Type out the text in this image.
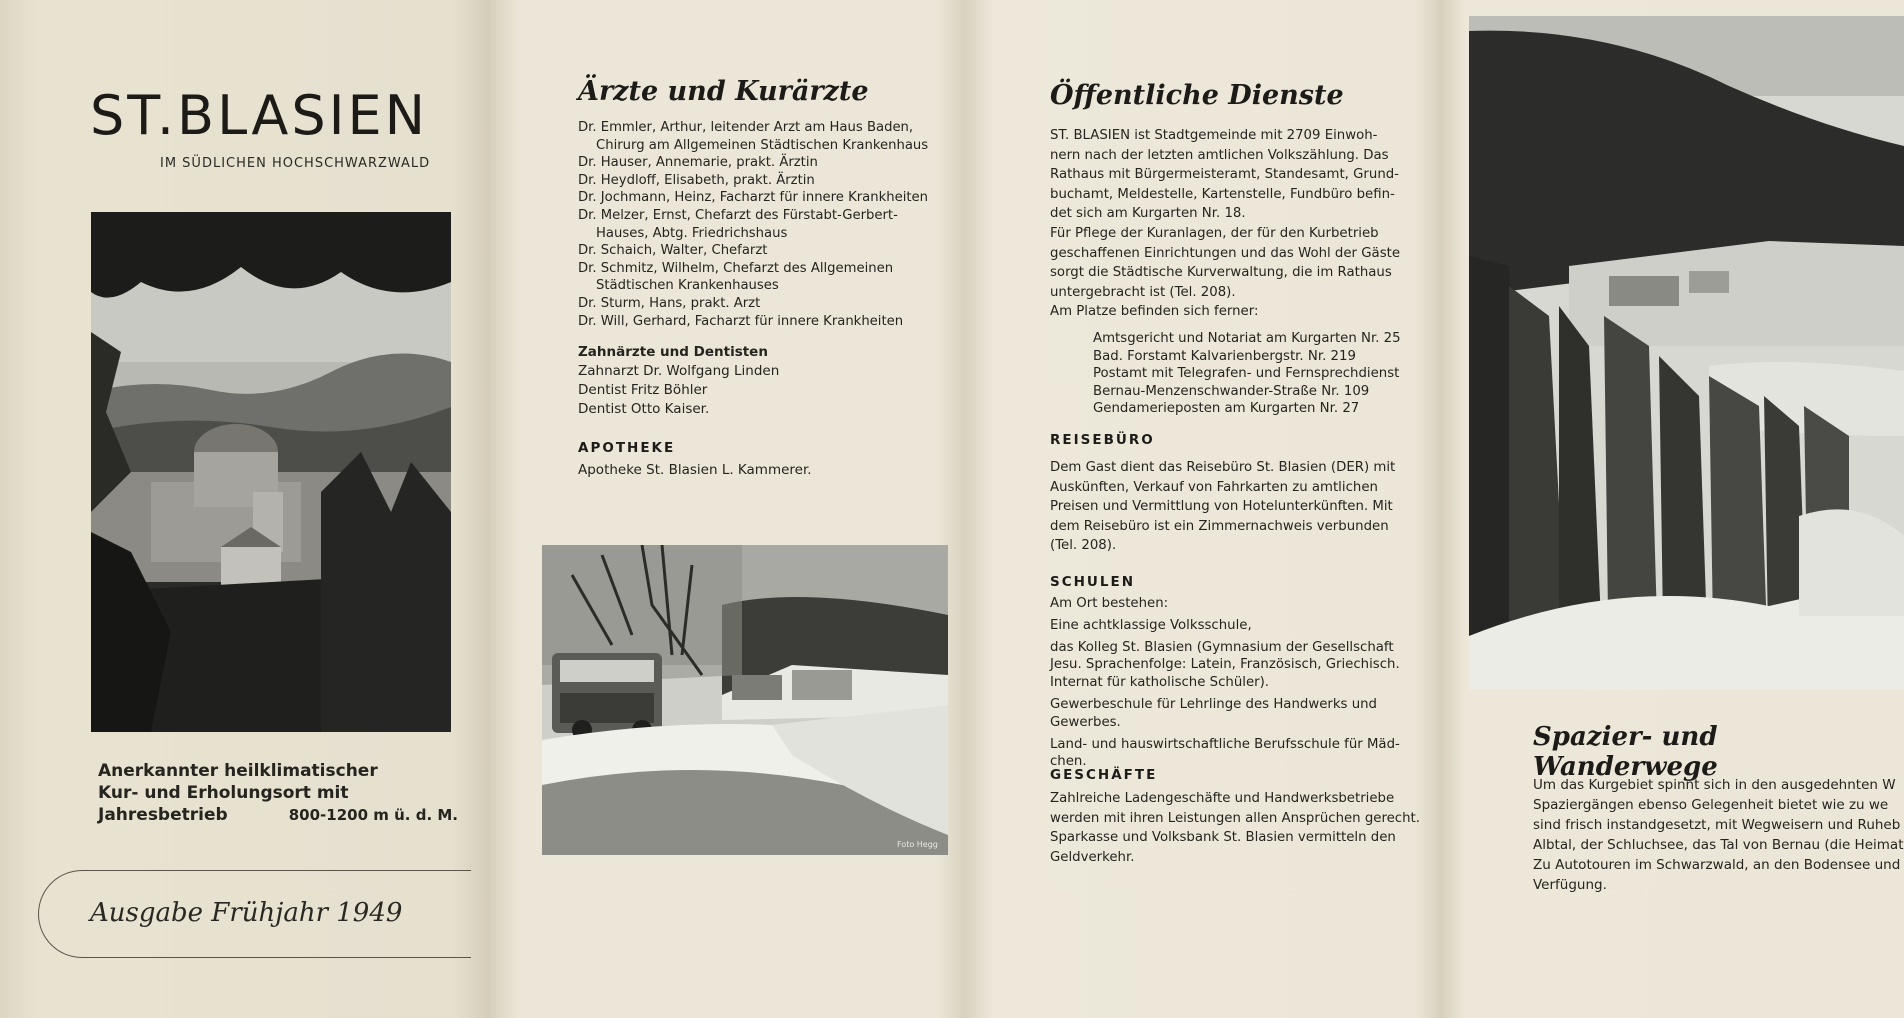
ST.BLASIEN
IM SÜDLICHEN HOCHSCHWARZWALD
Anerkannter heilklimatischer
Kur- und Erholungsort mit Jahresbetrieb	800-1200 m ü. d. M.
Ausgabe Frühjahr 1949
Ärzte und Kurärzte

Dr. Emmler, Arthur, leitender Arzt am Haus Baden,

Chirurg am Allgemeinen Städtischen Krankenhaus

Dr. Hauser, Annemarie, prakt. Ärztin

Dr. Heydloff, Elisabeth, prakt. Ärztin

Dr. Jochmann, Heinz, Facharzt für innere Krankheiten

Dr. Melzer, Ernst, Chefarzt des Fürstabt-Gerbert-

Hauses, Abtg. Friedrichshaus

Dr. Schaich, Walter, Chefarzt

Dr. Schmitz, Wilhelm, Chefarzt des Allgemeinen

Städtischen Krankenhauses

Dr. Sturm, Hans, prakt. Arzt

Dr. Will, Gerhard, Facharzt für innere Krankheiten

Zahnärzte und Dentisten

Zahnarzt Dr. Wolfgang Linden

Dentist Fritz Böhler

Dentist Otto Kaiser.

APOTHEKE
Apotheke St. Blasien L. Kammerer.
Foto Hegg
Öffentliche Dienste

ST. BLASIEN ist Stadtgemeinde mit 2709 Einwoh-

nern nach der letzten amtlichen Volkszählung. Das

Rathaus mit Bürgermeisteramt, Standesamt, Grund-

buchamt, Meldestelle, Kartenstelle, Fundbüro befin-

det sich am Kurgarten Nr. 18.

Für Pflege der Kuranlagen, der für den Kurbetrieb

geschaffenen Einrichtungen und das Wohl der Gäste

sorgt die Städtische Kurverwaltung, die im Rathaus

untergebracht ist (Tel. 208).

Am Platze befinden sich ferner:

Amtsgericht und Notariat am Kurgarten Nr. 25

Bad. Forstamt Kalvarienbergstr. Nr. 219

Postamt mit Telegrafen- und Fernsprechdienst

Bernau-Menzenschwander-Straße Nr. 109

Gendamerieposten am Kurgarten Nr. 27

REISEBÜRO

Dem Gast dient das Reisebüro St. Blasien (DER) mit

Auskünften, Verkauf von Fahrkarten zu amtlichen

Preisen und Vermittlung von Hotelunterkünften. Mit

dem Reisebüro ist ein Zimmernachweis verbunden

(Tel. 208).

SCHULEN

Am Ort bestehen:

Eine achtklassige Volksschule,

das Kolleg St. Blasien (Gymnasium der Gesellschaft

Jesu. Sprachenfolge: Latein, Französisch, Griechisch.

Internat für katholische Schüler).

Gewerbeschule für Lehrlinge des Handwerks und

Gewerbes.

Land- und hauswirtschaftliche Berufsschule für Mäd-

chen.

GESCHÄFTE

Zahlreiche Ladengeschäfte und Handwerksbetriebe

werden mit ihren Leistungen allen Ansprüchen gerecht.

Sparkasse und Volksbank St. Blasien vermitteln den

Geldverkehr.

Spazier- und Wanderwege

Um das Kurgebiet spinnt sich in den ausgedehnten W

Spaziergängen ebenso Gelegenheit bietet wie zu we

sind frisch instandgesetzt, mit Wegweisern und Ruheb

Albtal, der Schluchsee, das Tal von Bernau (die Heimat

Zu Autotouren im Schwarzwald, an den Bodensee und

Verfügung.
